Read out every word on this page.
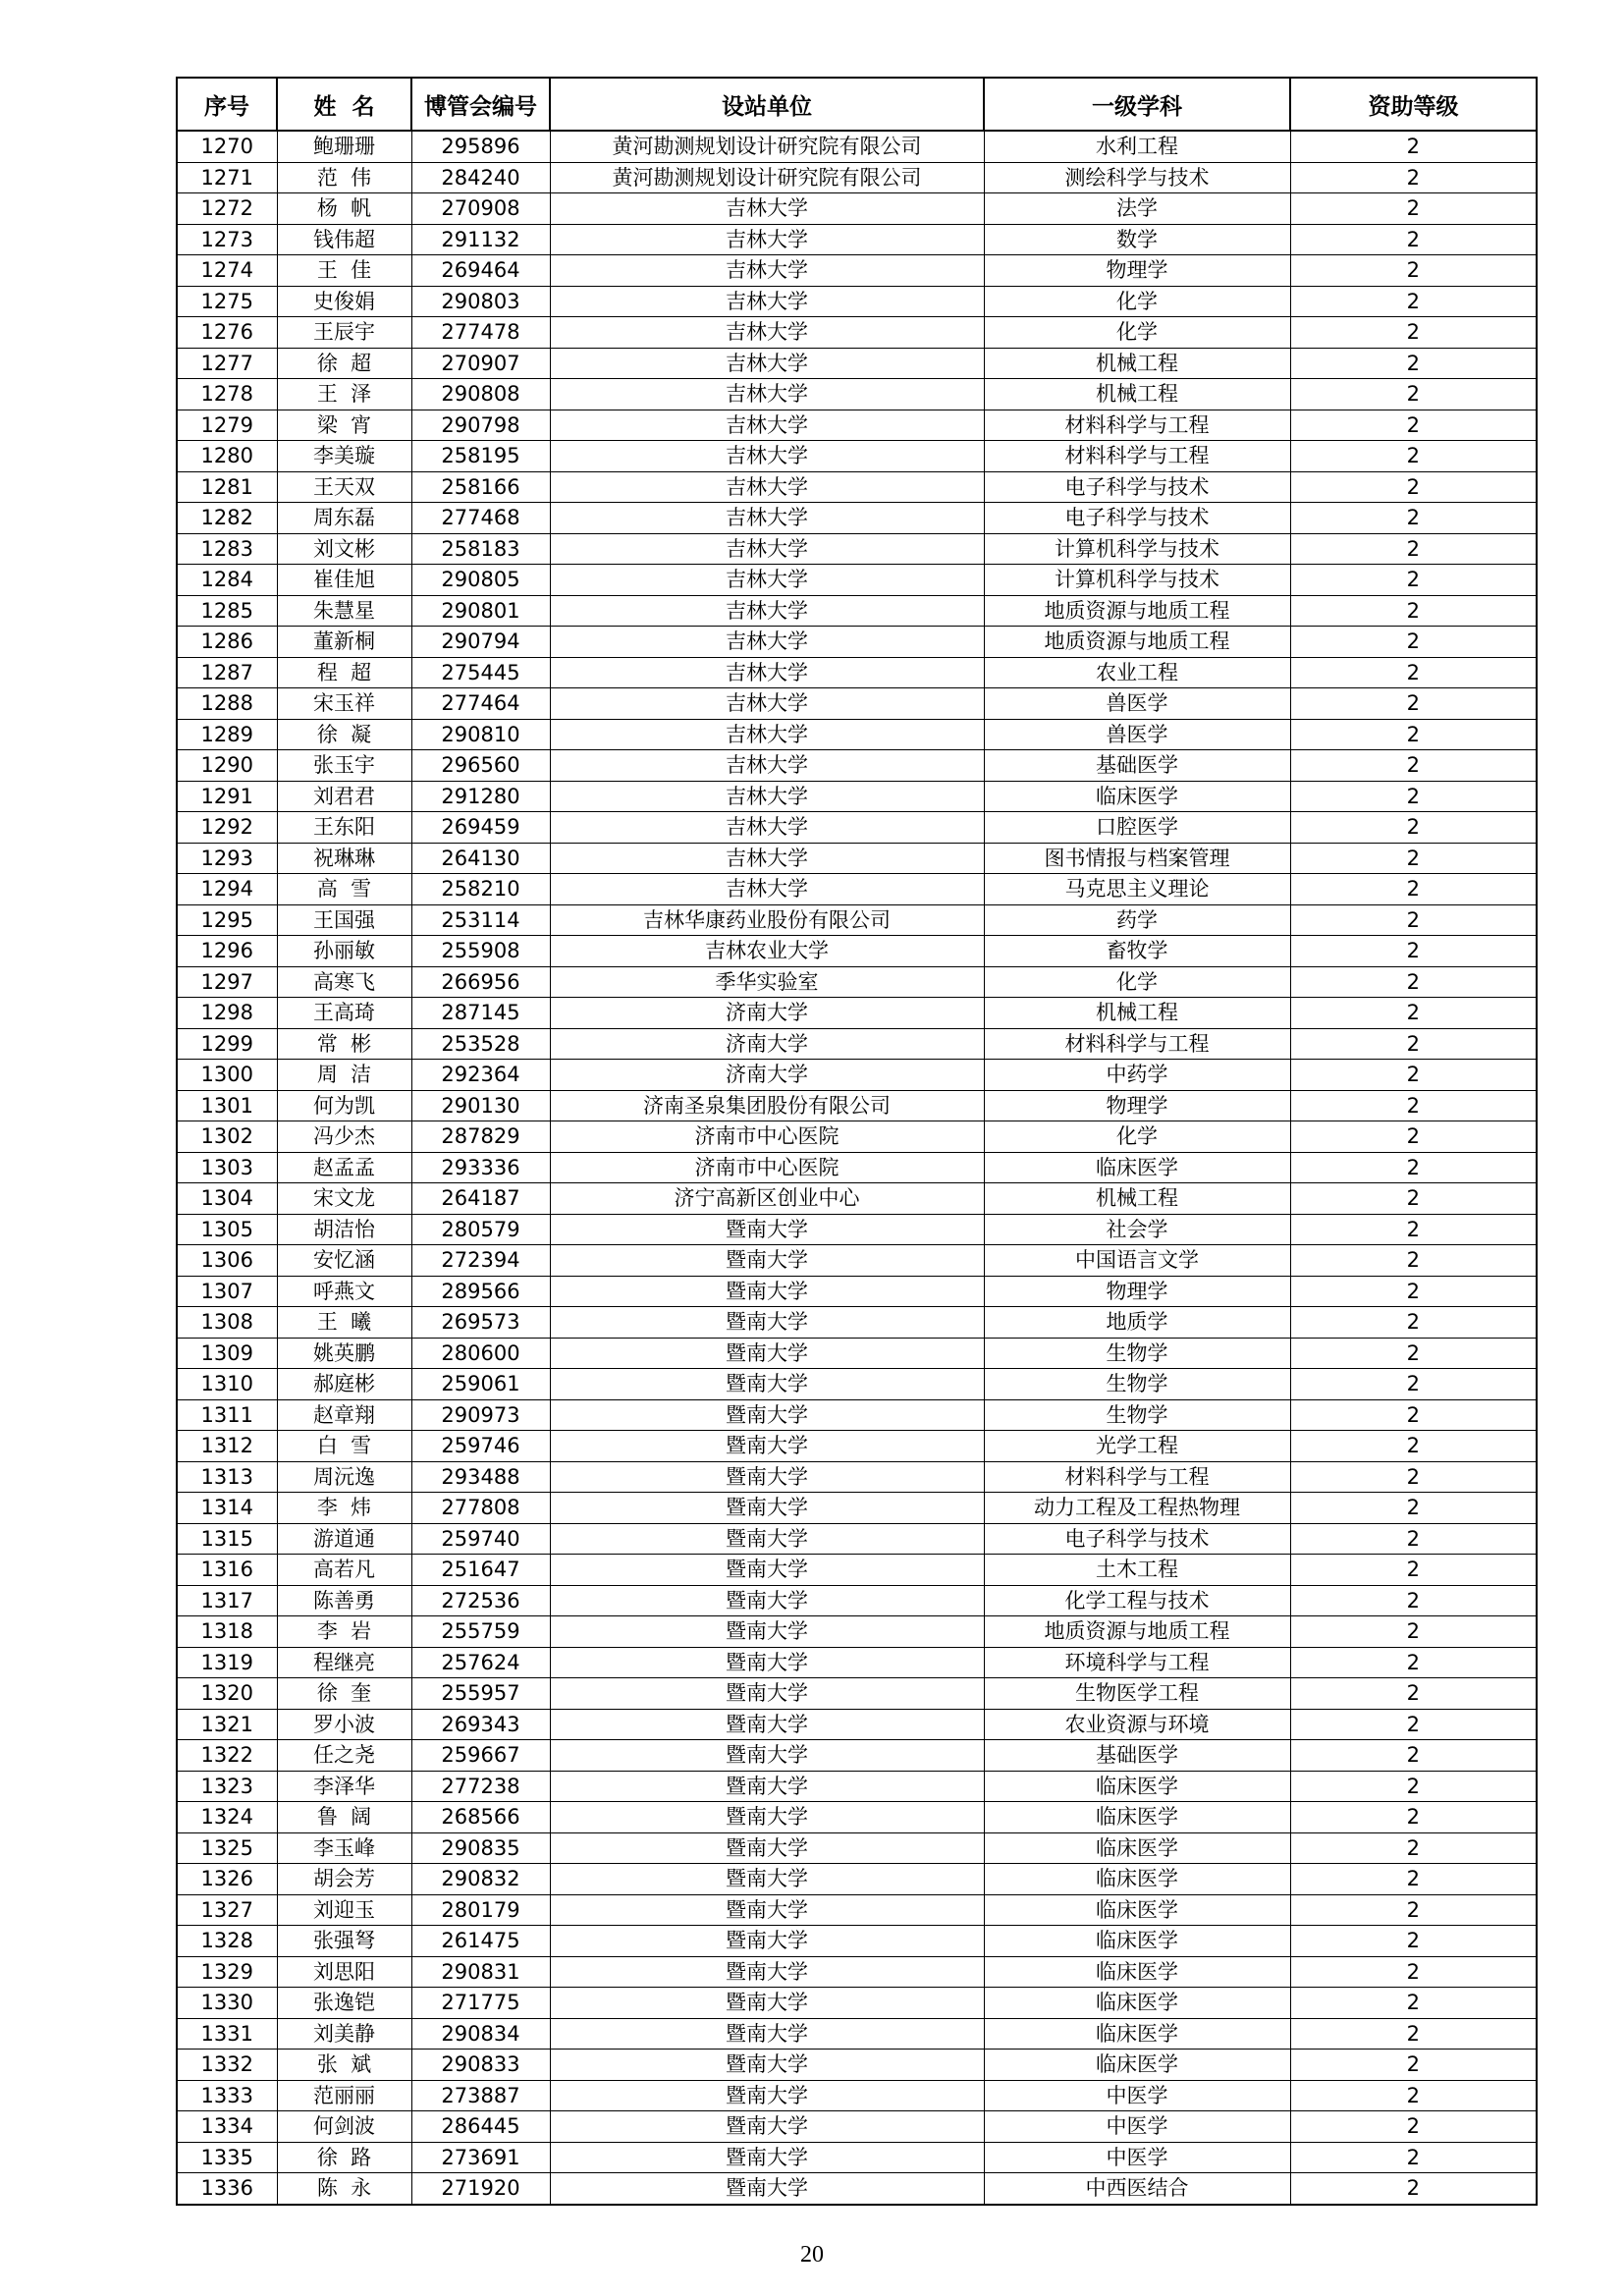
序号	姓  名	博管会编号	设站单位	一级学科	资助等级
1270	鲍珊珊	295896	黄河勘测规划设计研究院有限公司	水利工程	2
1271	范  伟	284240	黄河勘测规划设计研究院有限公司	测绘科学与技术	2
1272	杨  帆	270908	吉林大学	法学	2
1273	钱伟超	291132	吉林大学	数学	2
1274	王  佳	269464	吉林大学	物理学	2
1275	史俊娟	290803	吉林大学	化学	2
1276	王辰宇	277478	吉林大学	化学	2
1277	徐  超	270907	吉林大学	机械工程	2
1278	王  泽	290808	吉林大学	机械工程	2
1279	梁  宵	290798	吉林大学	材料科学与工程	2
1280	李美璇	258195	吉林大学	材料科学与工程	2
1281	王天双	258166	吉林大学	电子科学与技术	2
1282	周东磊	277468	吉林大学	电子科学与技术	2
1283	刘文彬	258183	吉林大学	计算机科学与技术	2
1284	崔佳旭	290805	吉林大学	计算机科学与技术	2
1285	朱慧星	290801	吉林大学	地质资源与地质工程	2
1286	董新桐	290794	吉林大学	地质资源与地质工程	2
1287	程  超	275445	吉林大学	农业工程	2
1288	宋玉祥	277464	吉林大学	兽医学	2
1289	徐  凝	290810	吉林大学	兽医学	2
1290	张玉宇	296560	吉林大学	基础医学	2
1291	刘君君	291280	吉林大学	临床医学	2
1292	王东阳	269459	吉林大学	口腔医学	2
1293	祝琳琳	264130	吉林大学	图书情报与档案管理	2
1294	高  雪	258210	吉林大学	马克思主义理论	2
1295	王国强	253114	吉林华康药业股份有限公司	药学	2
1296	孙丽敏	255908	吉林农业大学	畜牧学	2
1297	高寒飞	266956	季华实验室	化学	2
1298	王高琦	287145	济南大学	机械工程	2
1299	常  彬	253528	济南大学	材料科学与工程	2
1300	周  洁	292364	济南大学	中药学	2
1301	何为凯	290130	济南圣泉集团股份有限公司	物理学	2
1302	冯少杰	287829	济南市中心医院	化学	2
1303	赵孟孟	293336	济南市中心医院	临床医学	2
1304	宋文龙	264187	济宁高新区创业中心	机械工程	2
1305	胡洁怡	280579	暨南大学	社会学	2
1306	安忆涵	272394	暨南大学	中国语言文学	2
1307	呼燕文	289566	暨南大学	物理学	2
1308	王  曦	269573	暨南大学	地质学	2
1309	姚英鹏	280600	暨南大学	生物学	2
1310	郝庭彬	259061	暨南大学	生物学	2
1311	赵章翔	290973	暨南大学	生物学	2
1312	白  雪	259746	暨南大学	光学工程	2
1313	周沅逸	293488	暨南大学	材料科学与工程	2
1314	李  炜	277808	暨南大学	动力工程及工程热物理	2
1315	游道通	259740	暨南大学	电子科学与技术	2
1316	高若凡	251647	暨南大学	土木工程	2
1317	陈善勇	272536	暨南大学	化学工程与技术	2
1318	李  岩	255759	暨南大学	地质资源与地质工程	2
1319	程继亮	257624	暨南大学	环境科学与工程	2
1320	徐  奎	255957	暨南大学	生物医学工程	2
1321	罗小波	269343	暨南大学	农业资源与环境	2
1322	任之尧	259667	暨南大学	基础医学	2
1323	李泽华	277238	暨南大学	临床医学	2
1324	鲁  阔	268566	暨南大学	临床医学	2
1325	李玉峰	290835	暨南大学	临床医学	2
1326	胡会芳	290832	暨南大学	临床医学	2
1327	刘迎玉	280179	暨南大学	临床医学	2
1328	张强弩	261475	暨南大学	临床医学	2
1329	刘思阳	290831	暨南大学	临床医学	2
1330	张逸铠	271775	暨南大学	临床医学	2
1331	刘美静	290834	暨南大学	临床医学	2
1332	张  斌	290833	暨南大学	临床医学	2
1333	范丽丽	273887	暨南大学	中医学	2
1334	何剑波	286445	暨南大学	中医学	2
1335	徐  路	273691	暨南大学	中医学	2
1336	陈  永	271920	暨南大学	中西医结合	2
20
